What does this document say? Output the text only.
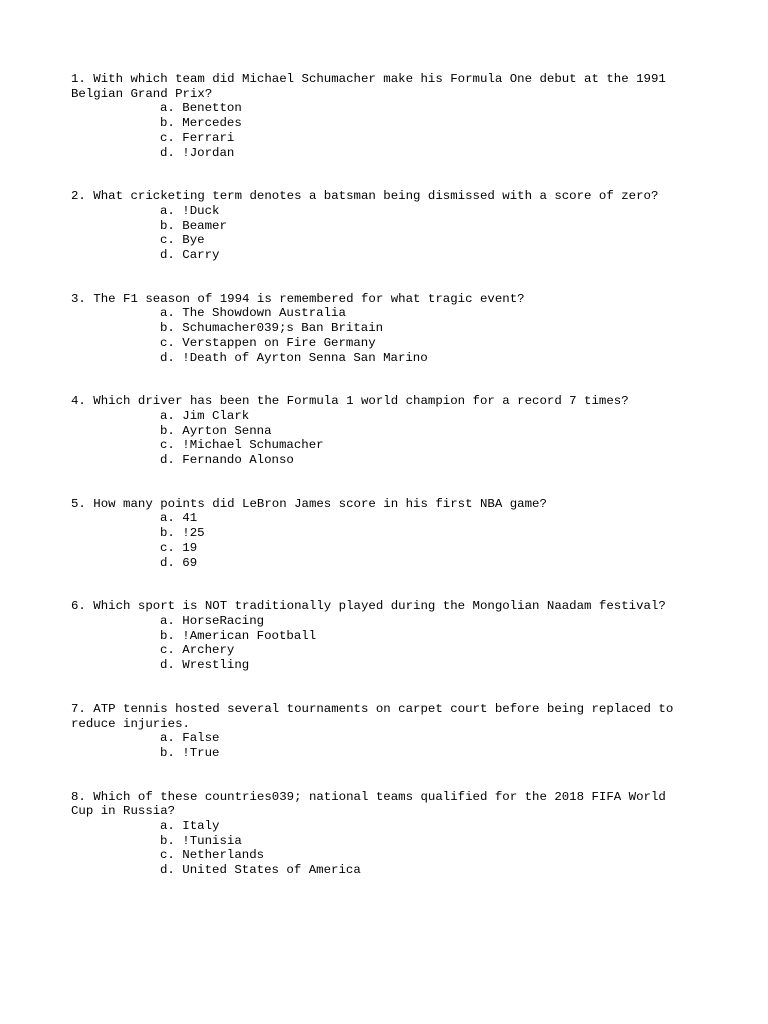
1. With which team did Michael Schumacher make his Formula One debut at the 1991 Belgian Grand Prix?

a. Benetton
b. Mercedes
c. Ferrari
d. !Jordan

2. What cricketing term denotes a batsman being dismissed with a score of zero?

a. !Duck
b. Beamer
c. Bye
d. Carry

3. The F1 season of 1994 is remembered for what tragic event?

a. The Showdown Australia
b. Schumacher039;s Ban Britain
c. Verstappen on Fire Germany
d. !Death of Ayrton Senna San Marino

4. Which driver has been the Formula 1 world champion for a record 7 times?

a. Jim Clark
b. Ayrton Senna
c. !Michael Schumacher
d. Fernando Alonso

5. How many points did LeBron James score in his first NBA game?

a. 41
b. !25
c. 19
d. 69

6. Which sport is NOT traditionally played during the Mongolian Naadam festival?

a. HorseRacing
b. !American Football
c. Archery
d. Wrestling

7. ATP tennis hosted several tournaments on carpet court before being replaced to reduce injuries.

a. False
b. !True

8. Which of these countries039; national teams qualified for the 2018 FIFA World Cup in Russia?

a. Italy
b. !Tunisia
c. Netherlands
d. United States of America
